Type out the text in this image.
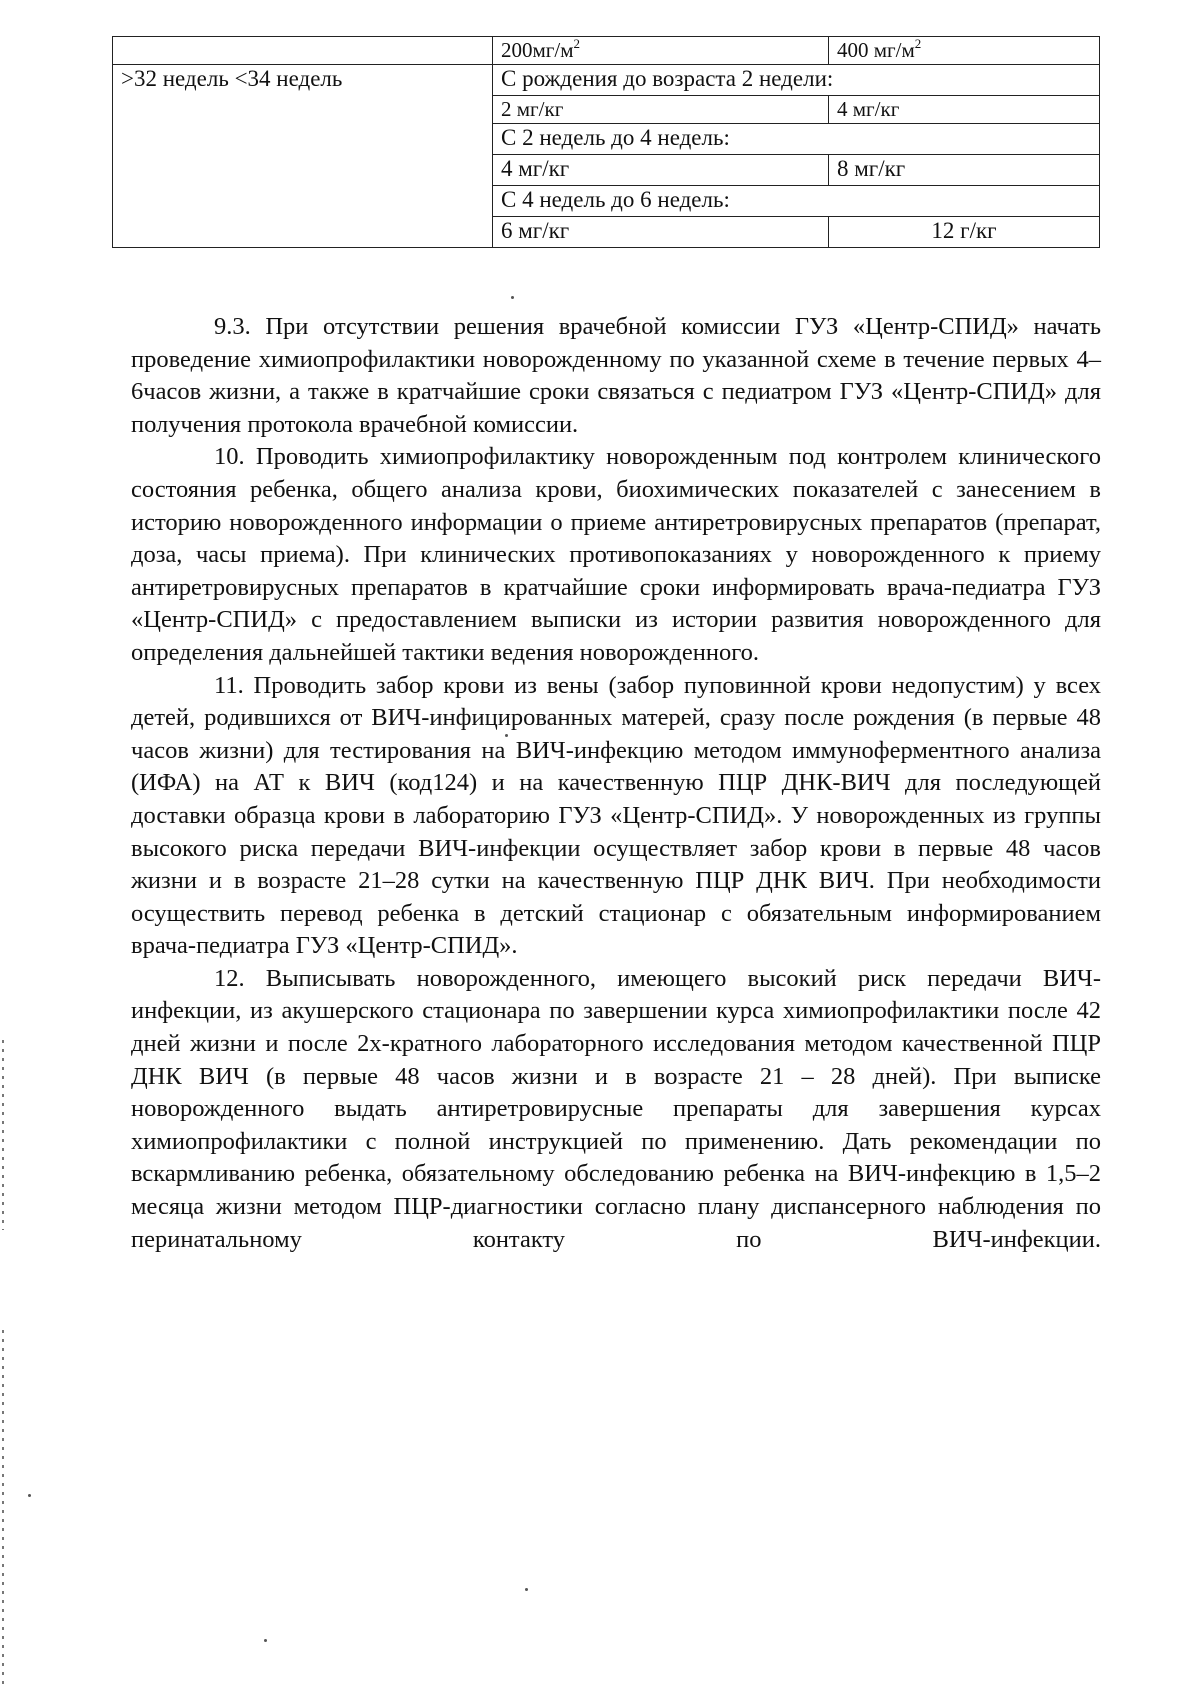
	$200мг/м^2$	400 $мг/м^2$
>32 недель <34 недель	С рождения до возраста 2 недели:	
	2 мг/кг	4 мг/кг
	С 2 недель до 4 недель:	
	4 мг/кг	8 мг/кг
	С 4 недель до 6 недель:	
	6 мг/кг	12 г/кг

9.3. При отсутствии решения врачебной комиссии ГУЗ «Центр-СПИД» начать проведение химиопрофилактики новорожденному по указанной схеме в течение первых 4–6часов жизни, а также в кратчайшие сроки связаться с педиатром ГУЗ «Центр-СПИД» для получения протокола врачебной комиссии.

10. Проводить химиопрофилактику новорожденным под контролем клинического состояния ребенка, общего анализа крови, биохимических показателей с занесением в историю новорожденного информации о приеме антиретровирусных препаратов (препарат, доза, часы приема). При клинических противопоказаниях у новорожденного к приему антиретровирусных препаратов в кратчайшие сроки информировать врача-педиатра ГУЗ «Центр-СПИД» с предоставлением выписки из истории развития новорожденного для определения дальнейшей тактики ведения новорожденного.

11. Проводить забор крови из вены (забор пуповинной крови недопустим) у всех детей, родившихся от ВИЧ-инфицированных матерей, сразу после рождения (в первые 48 часов жизни) для тестирования на ВИЧ-инфекцию методом иммуноферментного анализа (ИФА) на АТ к ВИЧ (код124) и на качественную ПЦР ДНК-ВИЧ для последующей доставки образца крови в лабораторию ГУЗ «Центр-СПИД». У новорожденных из группы высокого риска передачи ВИЧ-инфекции осуществляет забор крови в первые 48 часов жизни и в возрасте 21–28 сутки на качественную ПЦР ДНК ВИЧ. При необходимости осуществить перевод ребенка в детский стационар с обязательным информированием врача-педиатра ГУЗ «Центр-СПИД».

12. Выписывать новорожденного, имеющего высокий риск передачи ВИЧ-инфекции, из акушерского стационара по завершении курса химиопрофилактики после 42 дней жизни и после 2х-кратного лабораторного исследования методом качественной ПЦР ДНК ВИЧ (в первые 48 часов жизни и в возрасте 21 – 28 дней). При выписке новорожденного выдать антиретровирусные препараты для завершения курсах химиопрофилактики с полной инструкцией по применению. Дать рекомендации по вскармливанию ребенка, обязательному обследованию ребенка на ВИЧ-инфекцию в 1,5–2 месяца жизни методом ПЦР-диагностики согласно плану диспансерного наблюдения по перинатальному контакту по ВИЧ-инфекции.
